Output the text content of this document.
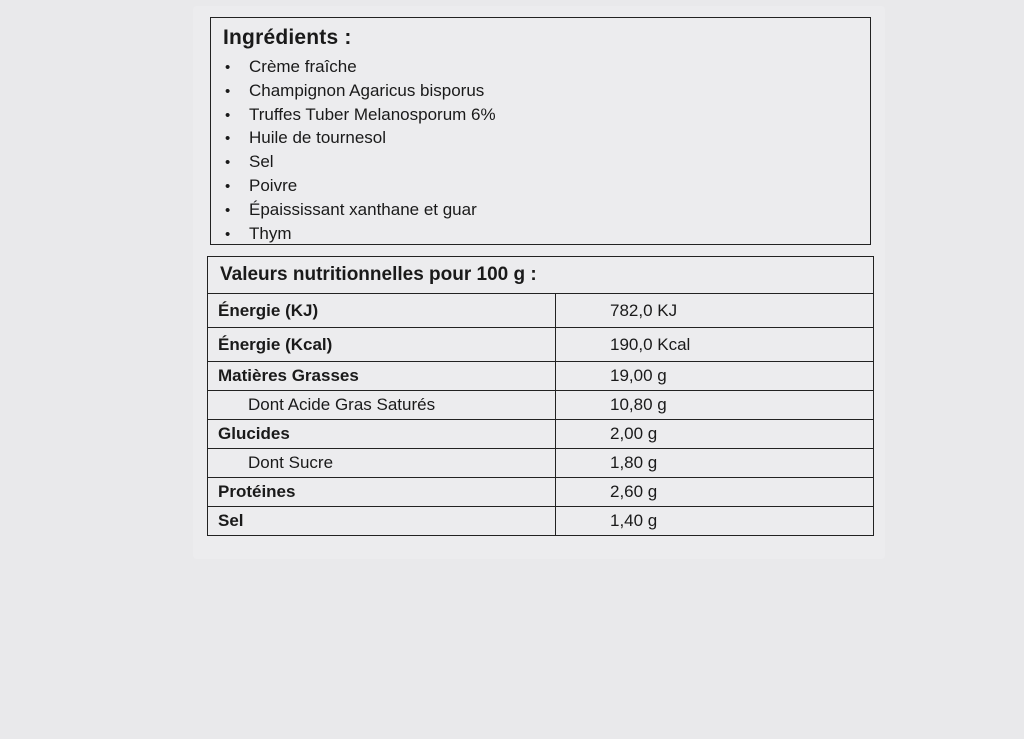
Ingrédients :
• Crème fraîche
• Champignon Agaricus bisporus
• Truffes Tuber Melanosporum 6%
• Huile de tournesol
• Sel
• Poivre
• Épaississant xanthane et guar
• Thym
Valeurs nutritionnelles pour 100 g :	
Énergie (KJ)	782,0 KJ
Énergie (Kcal)	190,0 Kcal
Matières Grasses	19,00 g
Dont Acide Gras Saturés	10,80 g
Glucides	2,00 g
Dont Sucre	1,80 g
Protéines	2,60 g
Sel	1,40 g
